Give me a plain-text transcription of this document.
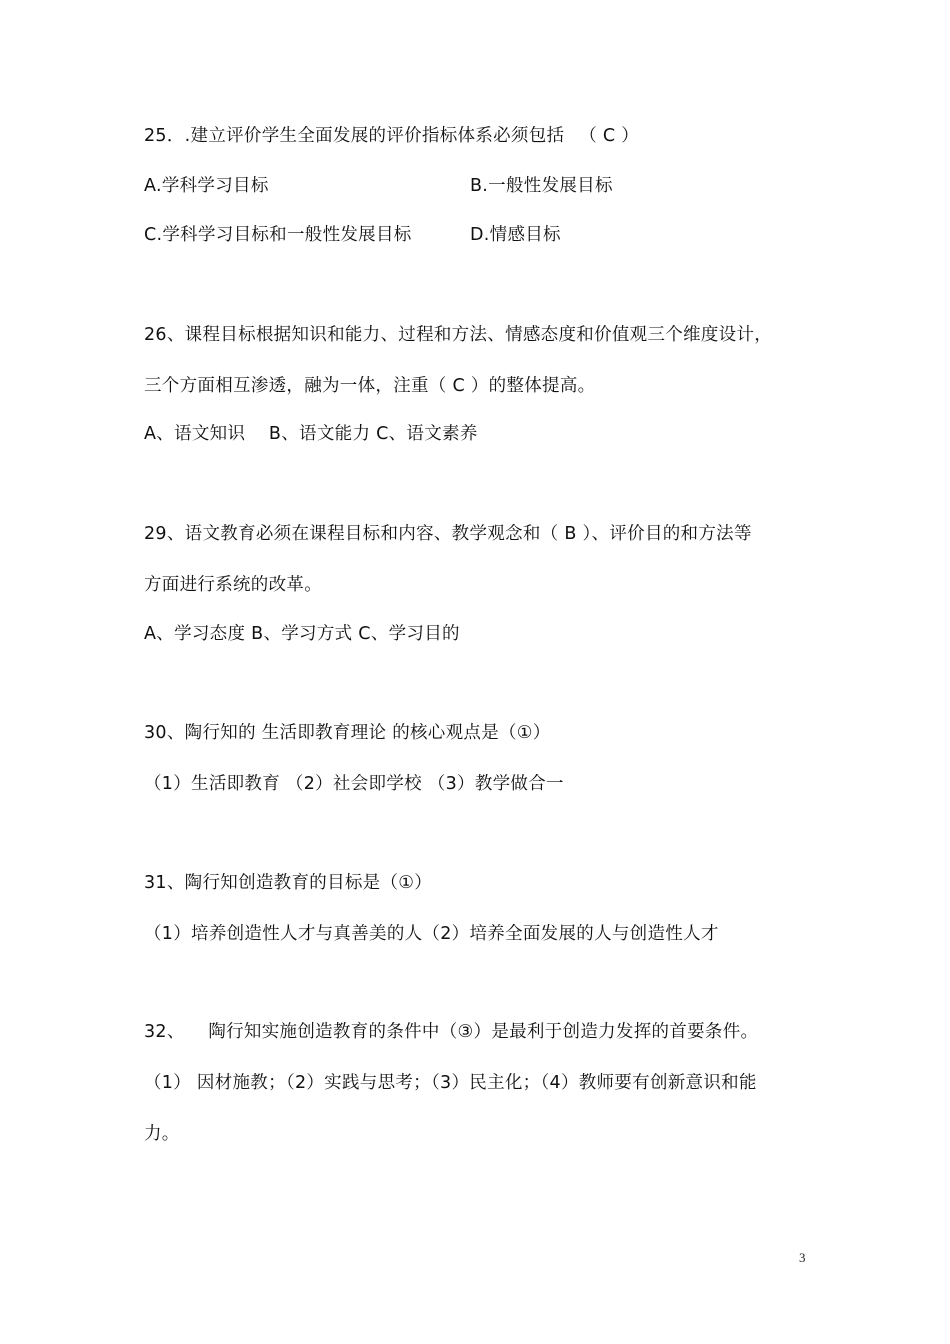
25．.建立评价学生全面发展的评价指标体系必须包括 　（ C ）
A.学科学习目标	B.一般性发展目标
C.学科学习目标和一般性发展目标	D.情感目标
26、课程目标根据知识和能力、过程和方法、情感态度和价值观三个维度设计，
三个方面相互渗透，融为一体，注重（ C ）的整体提高。
A、语文知识 　B、语文能力 C、语文素养
29、语文教育必须在课程目标和内容、教学观念和（ B ）、评价目的和方法等
方面进行系统的改革。
A、学习态度 B、学习方式 C、学习目的
30、陶行知的 生活即教育理论 的核心观点是（①）
（1）生活即教育 （2）社会即学校 （3）教学做合一
31、陶行知创造教育的目标是（①）
（1）培养创造性人才与真善美的人（2）培养全面发展的人与创造性人才
32、 　陶行知实施创造教育的条件中（③）是最利于创造力发挥的首要条件。
（1） 因材施教；（2）实践与思考；（3）民主化；（4）教师要有创新意识和能
力。
3
